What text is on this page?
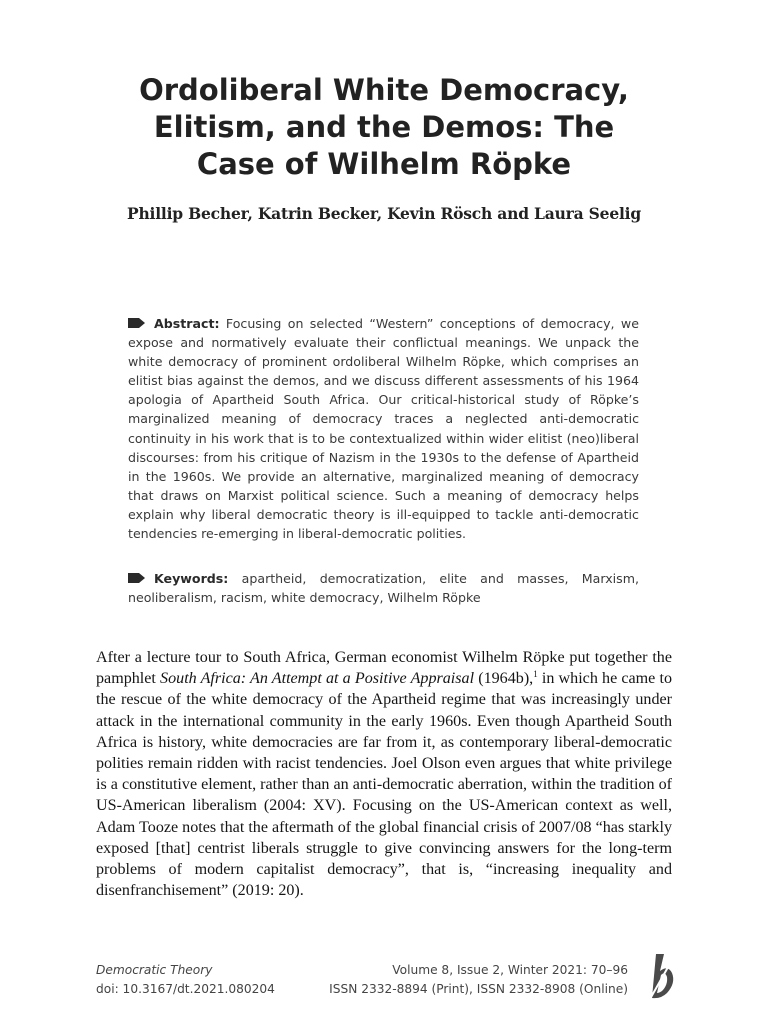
Ordoliberal White Democracy,
Elitism, and the Demos: The
Case of Wilhelm Röpke
Phillip Becher, Katrin Becker, Kevin Rösch and Laura Seelig
Abstract: Focusing on selected “Western” conceptions of democracy, we expose and normatively evaluate their conflictual meanings. We unpack the white democracy of prominent ordoliberal Wilhelm Röpke, which comprises an elitist bias against the demos, and we discuss different assessments of his 1964 apologia of Apartheid South Africa. Our critical-historical study of Röpke’s marginalized meaning of democracy traces a neglected anti-democratic continuity in his work that is to be contextualized within wider elitist (neo)liberal discourses: from his critique of Nazism in the 1930s to the defense of Apartheid in the 1960s. We provide an alternative, marginalized meaning of democracy that draws on Marxist political science. Such a meaning of democracy helps explain why liberal democratic theory is ill-equipped to tackle anti-democratic tendencies re-emerging in liberal-democratic polities.
Keywords: apartheid, democratization, elite and masses, Marxism, neoliberalism, racism, white democracy, Wilhelm Röpke
After a lecture tour to South Africa, German economist Wilhelm Röpke put together the pamphlet South Africa: An Attempt at a Positive Appraisal (1964b),$^1$ in which he came to the rescue of the white democracy of the Apartheid regime that was increasingly under attack in the international community in the early 1960s. Even though Apartheid South Africa is history, white democracies are far from it, as contemporary liberal-democratic polities remain ridden with racist tendencies. Joel Olson even argues that white privilege is a constitutive element, rather than an anti-democratic aberration, within the tradition of US-American liberalism (2004: XV). Focusing on the US-American context as well, Adam Tooze notes that the aftermath of the global financial crisis of 2007/08 “has starkly exposed [that] centrist liberals struggle to give convincing answers for the long-term problems of modern capitalist democracy”, that is, “increasing inequality and disenfranchisement” (2019: 20).
Democratic Theory
doi: 10.3167/dt.2021.080204
Volume 8, Issue 2, Winter 2021: 70–96
ISSN 2332-8894 (Print), ISSN 2332-8908 (Online)
